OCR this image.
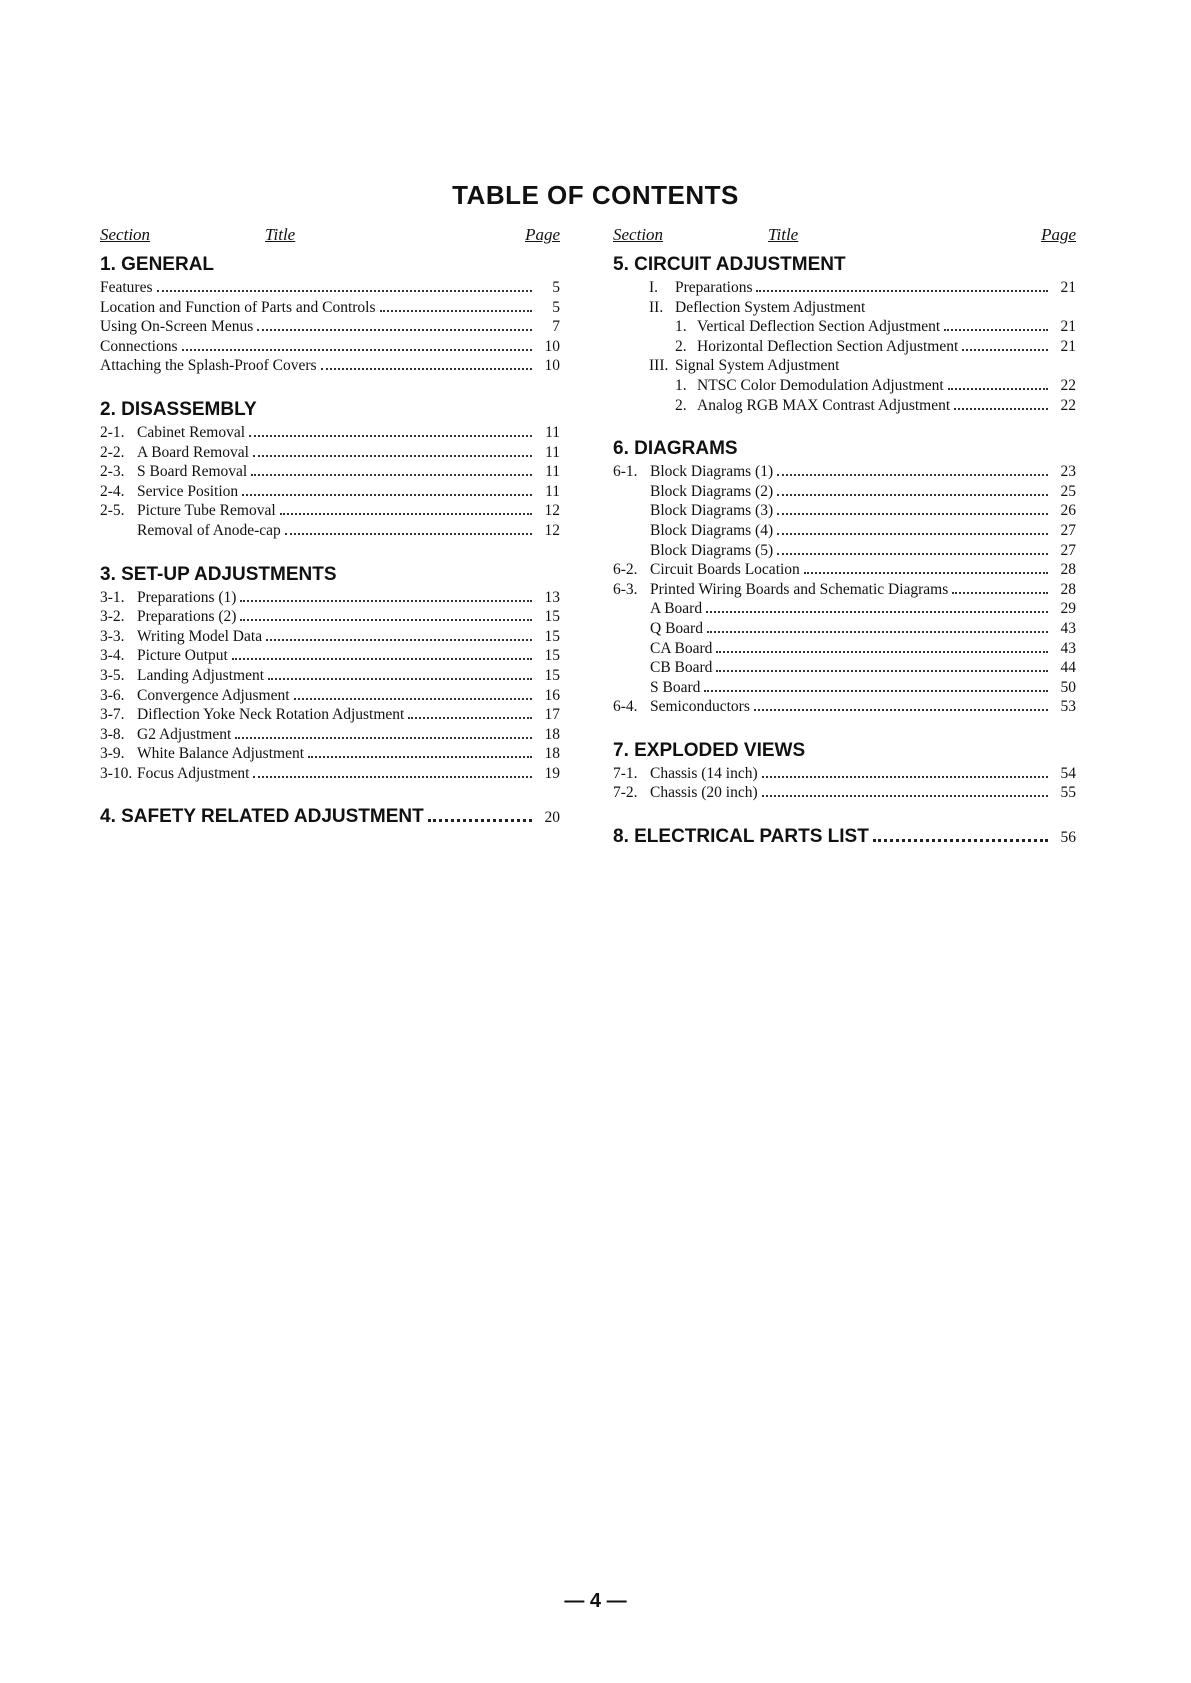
TABLE OF CONTENTS
Section	Title	Page
1. GENERAL
Features	5
Location and Function of Parts and Controls	5
Using On-Screen Menus	7
Connections	10
Attaching the Splash-Proof Covers	10
2. DISASSEMBLY
2-1. Cabinet Removal	11
2-2. A Board Removal	11
2-3. S Board Removal	11
2-4. Service Position	11
2-5. Picture Tube Removal	12
Removal of Anode-cap	12
3. SET-UP ADJUSTMENTS
3-1. Preparations (1)	13
3-2. Preparations (2)	15
3-3. Writing Model Data	15
3-4. Picture Output	15
3-5. Landing Adjustment	15
3-6. Convergence Adjusment	16
3-7. Diflection Yoke Neck Rotation Adjustment	17
3-8. G2 Adjustment	18
3-9. White Balance Adjustment	18
3-10. Focus Adjustment	19
4. SAFETY RELATED ADJUSTMENT	20
Section	Title	Page
5. CIRCUIT ADJUSTMENT
I.	Preparations	21
II. Deflection System Adjustment
1. Vertical Deflection Section Adjustment	21
2. Horizontal Deflection Section Adjustment	21
III. Signal System Adjustment
1. NTSC Color Demodulation Adjustment	22
2. Analog RGB MAX Contrast Adjustment	22
6. DIAGRAMS
6-1. Block Diagrams (1)	23
Block Diagrams (2)	25
Block Diagrams (3)	26
Block Diagrams (4)	27
Block Diagrams (5)	27
6-2. Circuit Boards Location	28
6-3. Printed Wiring Boards and Schematic Diagrams	28
A Board	29
Q Board	43
CA Board	43
CB Board	44
S Board	50
6-4. Semiconductors	53
7. EXPLODED VIEWS
7-1. Chassis (14 inch)	54
7-2. Chassis (20 inch)	55
8. ELECTRICAL PARTS LIST	56
— 4 —
